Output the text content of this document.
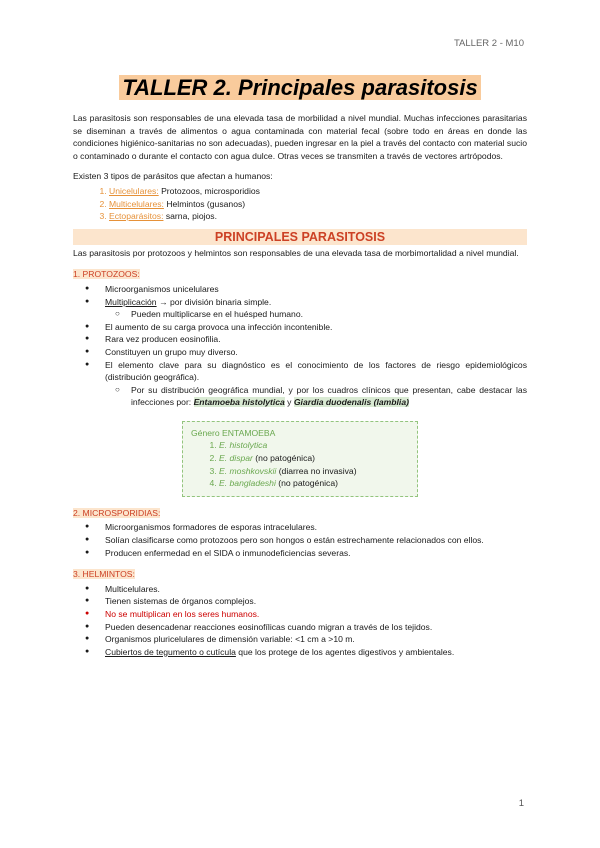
TALLER 2 - M10
TALLER 2. Principales parasitosis

Las parasitosis son responsables de una elevada tasa de morbilidad a nivel mundial. Muchas infecciones parasitarias se diseminan a través de alimentos o agua contaminada con material fecal (sobre todo en áreas en donde las condiciones higiénico-sanitarias no son adecuadas), pueden ingresar en la piel a través del contacto con material sucio o contaminado o durante el contacto con agua dulce. Otras veces se transmiten a través de vectores artrópodos.

Existen 3 tipos de parásitos que afectan a humanos:

1. Unicelulares: Protozoos, microsporidios
2. Multicelulares: Helmintos (gusanos)
3. Ectoparásitos: sarna, piojos.
PRINCIPALES PARASITOSIS

Las parasitosis por protozoos y helmintos son responsables de una elevada tasa de morbimortalidad a nivel mundial.

1. PROTOZOOS:
● Microorganismos unicelulares
● Multiplicación → por división binaria simple.
○ Pueden multiplicarse en el huésped humano.
● El aumento de su carga provoca una infección incontenible.
● Rara vez producen eosinofilia.
● Constituyen un grupo muy diverso.
● El elemento clave para su diagnóstico es el conocimiento de los factores de riesgo epidemiológicos (distribución geográfica).
○ Por su distribución geográfica mundial, y por los cuadros clínicos que presentan, cabe destacar las infecciones por: Entamoeba histolytica y Giardia duodenalis (lamblia)
Género ENTAMOEBA
1. E. histolytica
2. E. dispar (no patogénica)
3. E. moshkovskii (diarrea no invasiva)
4. E. bangladeshi (no patogénica)
2. MICROSPORIDIAS:
● Microorganismos formadores de esporas intracelulares.
● Solían clasificarse como protozoos pero son hongos o están estrechamente relacionados con ellos.
● Producen enfermedad en el SIDA o inmunodeficiencias severas.
3. HELMINTOS:
● Multicelulares.
● Tienen sistemas de órganos complejos.
● No se multiplican en los seres humanos.
● Pueden desencadenar reacciones eosinofílicas cuando migran a través de los tejidos.
● Organismos pluricelulares de dimensión variable: <1 cm a >10 m.
● Cubiertos de tegumento o cutícula que los protege de los agentes digestivos y ambientales.
1
